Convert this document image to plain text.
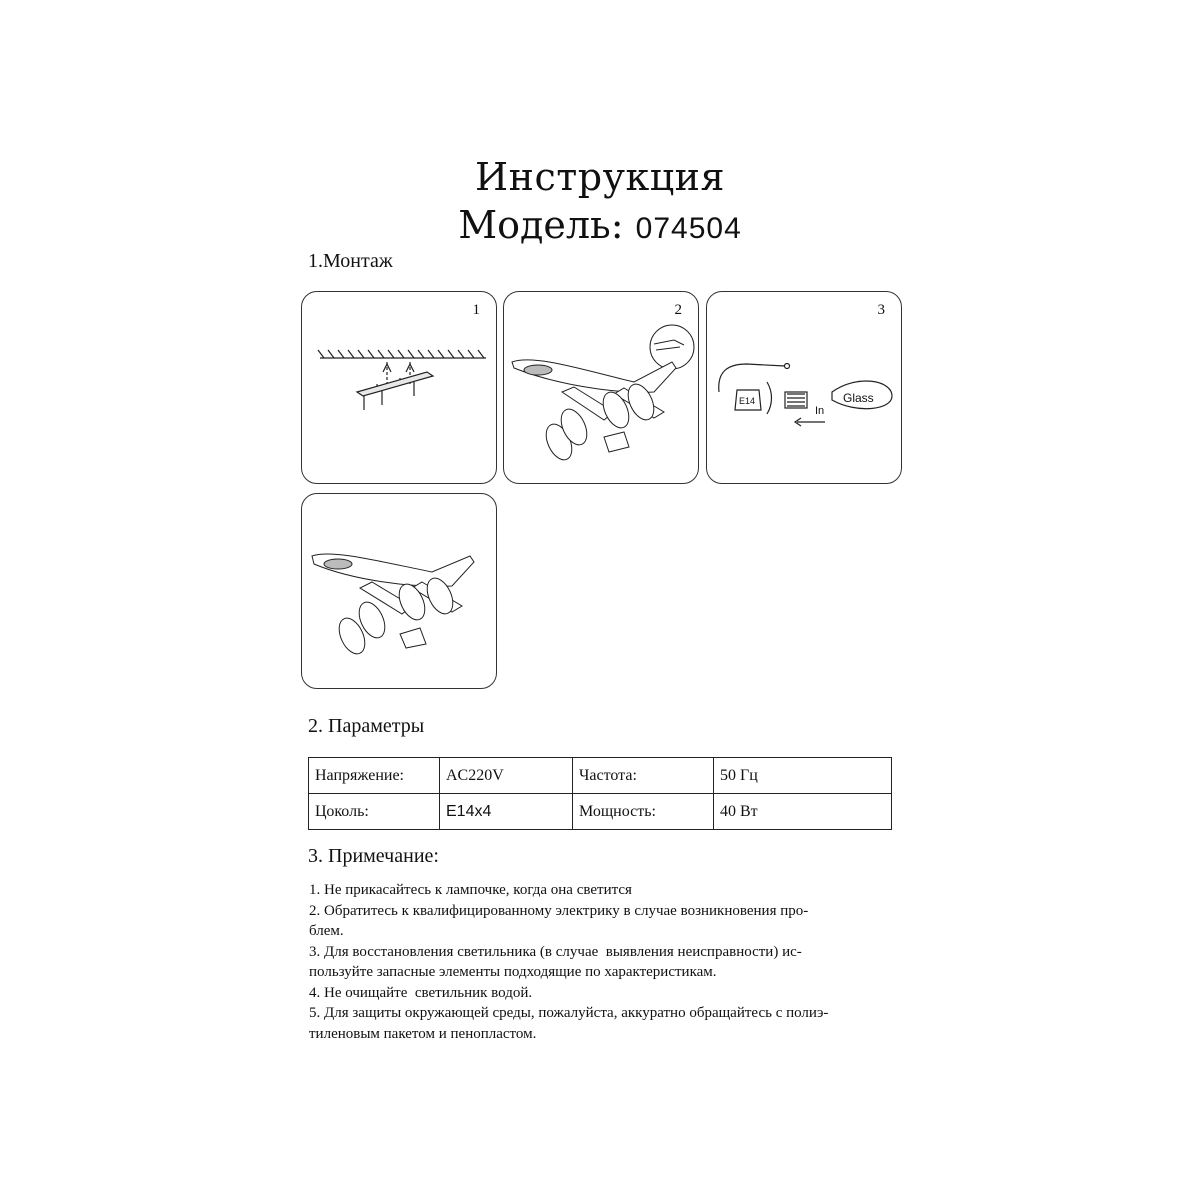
Инструкция
Модель: 074504
1.Монтаж
1	2	3
E14
In
Glass
2. Параметры
Напряжение:	AC220V	Частота:	50 Гц
Цоколь:	E14x4	Мощность:	40 Вт
3. Примечание:
1. Не прикасайтесь к лампочке, когда она светится
2. Обратитесь к квалифицированному электрику в случае возникновения про-
блем.
3. Для восстановления светильника (в случае  выявления неисправности) ис-
пользуйте запасные элементы подходящие по характеристикам.
4. Не очищайте  светильник водой.
5. Для защиты окружающей среды, пожалуйста, аккуратно обращайтесь с полиэ-
тиленовым пакетом и пенопластом.
